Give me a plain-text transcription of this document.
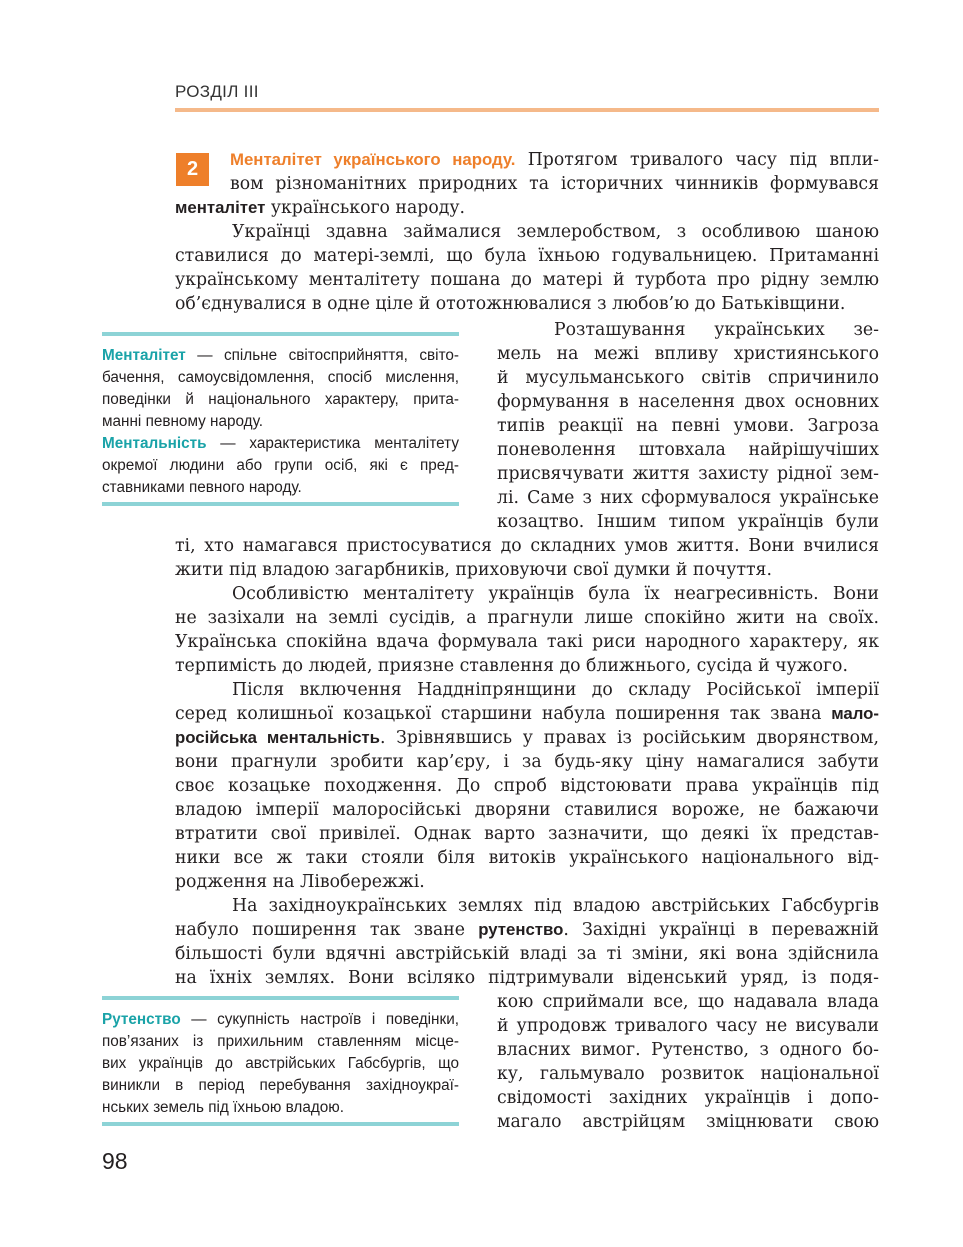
РОЗДІЛ III
2	Менталітет українського народу. Протягом тривалого часу під впли-
вом різноманітних природних та історичних чинників формувався
менталітет українського народу.
Українці здавна займалися землеробством, з особливою шаною
ставилися до матері-землі, що була їхньою годувальницею. Притаманні
українському менталітету пошана до матері й турбота про рідну землю
об’єднувалися в одне ціле й ототожнювалися з любов’ю до Батьківщини.
Менталітет — спільне світосприйняття, світо-
бачення, самоусвідомлення, спосіб мислення,
поведінки й національного характеру, прита-
манні певному народу.
Ментальність — характеристика менталітету
окремої людини або групи осіб, які є пред-
ставниками певного народу.
Розташування українських зе-
мель на межі впливу християнського
й мусульманського світів спричинило
формування в населення двох основних
типів реакції на певні умови. Загроза
поневолення штовхала найрішучіших
присвячувати життя захисту рідної зем-
лі. Саме з них сформувалося українське
козацтво. Іншим типом українців були
ті, хто намагався пристосуватися до складних умов життя. Вони вчилися
жити під владою загарбників, приховуючи свої думки й почуття.
Особливістю менталітету українців була їх неагресивність. Вони
не зазіхали на землі сусідів, а прагнули лише спокійно жити на своїх.
Українська спокійна вдача формувала такі риси народного характеру, як
терпимість до людей, приязне ставлення до ближнього, сусіда й чужого.
Після включення Наддніпрянщини до складу Російської імперії
серед колишньої козацької старшини набула поширення так звана мало-
російська ментальність. Зрівнявшись у правах із російським дворянством,
вони прагнули зробити кар’єру, і за будь-яку ціну намагалися забути
своє козацьке походження. До спроб відстоювати права українців під
владою імперії малоросійські дворяни ставилися вороже, не бажаючи
втратити свої привілеї. Однак варто зазначити, що деякі їх представ-
ники все ж таки стояли біля витоків українського національного від-
родження на Лівобережжі.
На західноукраїнських землях під владою австрійських Габсбургів
набуло поширення так зване рутенство. Західні українці в переважній
більшості були вдячні австрійській владі за ті зміни, які вона здійснила
на їхніх землях. Вони всіляко підтримували віденський уряд, із подя-
кою сприймали все, що надавала влада
й упродовж тривалого часу не висували
власних вимог. Рутенство, з одного бо-
ку, гальмувало розвиток національної
свідомості західних українців і допо-
магало австрійцям зміцнювати свою
Рутенство — сукупність настроїв і поведінки,
пов’язаних із прихильним ставленням місце-
вих українців до австрійських Габсбургів, що
виникли в період перебування західноукраї-
нських земель під їхньою владою.
98
